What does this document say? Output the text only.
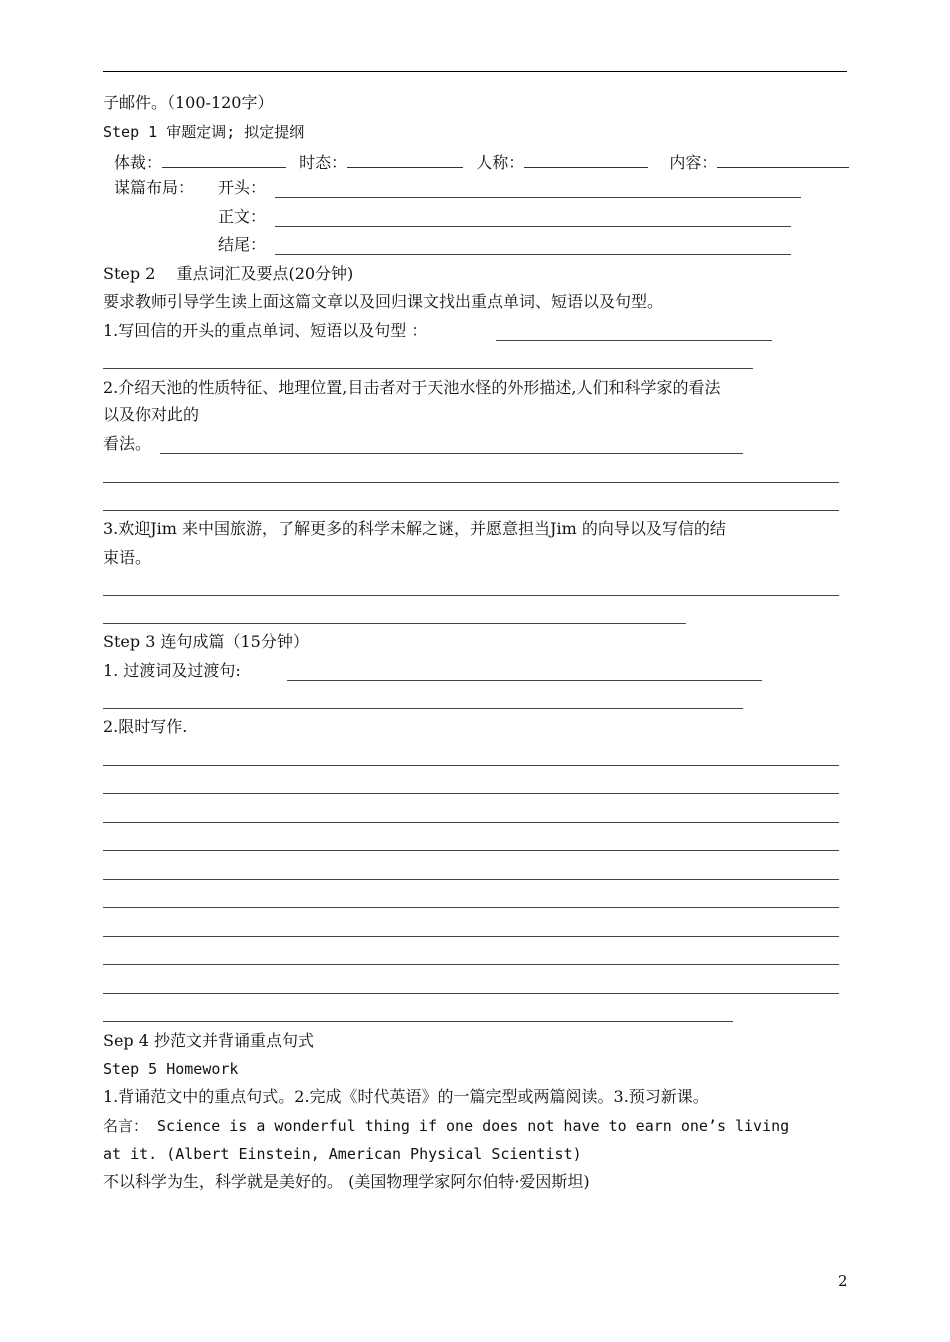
子邮件。（100-120字）
Step 1 审题定调; 拟定提纲
体裁：	时态：	人称：	内容：
谋篇布局： 开头：
正文：
结尾：
Step 2　 重点词汇及要点(20分钟)
要求教师引导学生读上面这篇文章以及回归课文找出重点单词、短语以及句型。
1.写回信的开头的重点单词、短语以及句型 ：
2.介绍天池的性质特征、地理位置,目击者对于天池水怪的外形描述,人们和科学家的看法
以及你对此的
看法。
3.欢迎Jim 来中国旅游，了解更多的科学未解之谜，并愿意担当Jim 的向导以及写信的结
束语。
Step 3 连句成篇（15分钟）
1. 过渡词及过渡句:
2.限时写作.
Sep 4 抄范文并背诵重点句式
Step 5 Homework
1.背诵范文中的重点句式。2.完成《时代英语》的一篇完型或两篇阅读。3.预习新课。
名言： Science is a wonderful thing if one does not have to earn one’s living
at it. (Albert Einstein, American Physical Scientist)
不以科学为生，科学就是美好的。 (美国物理学家阿尔伯特·爱因斯坦)
2
